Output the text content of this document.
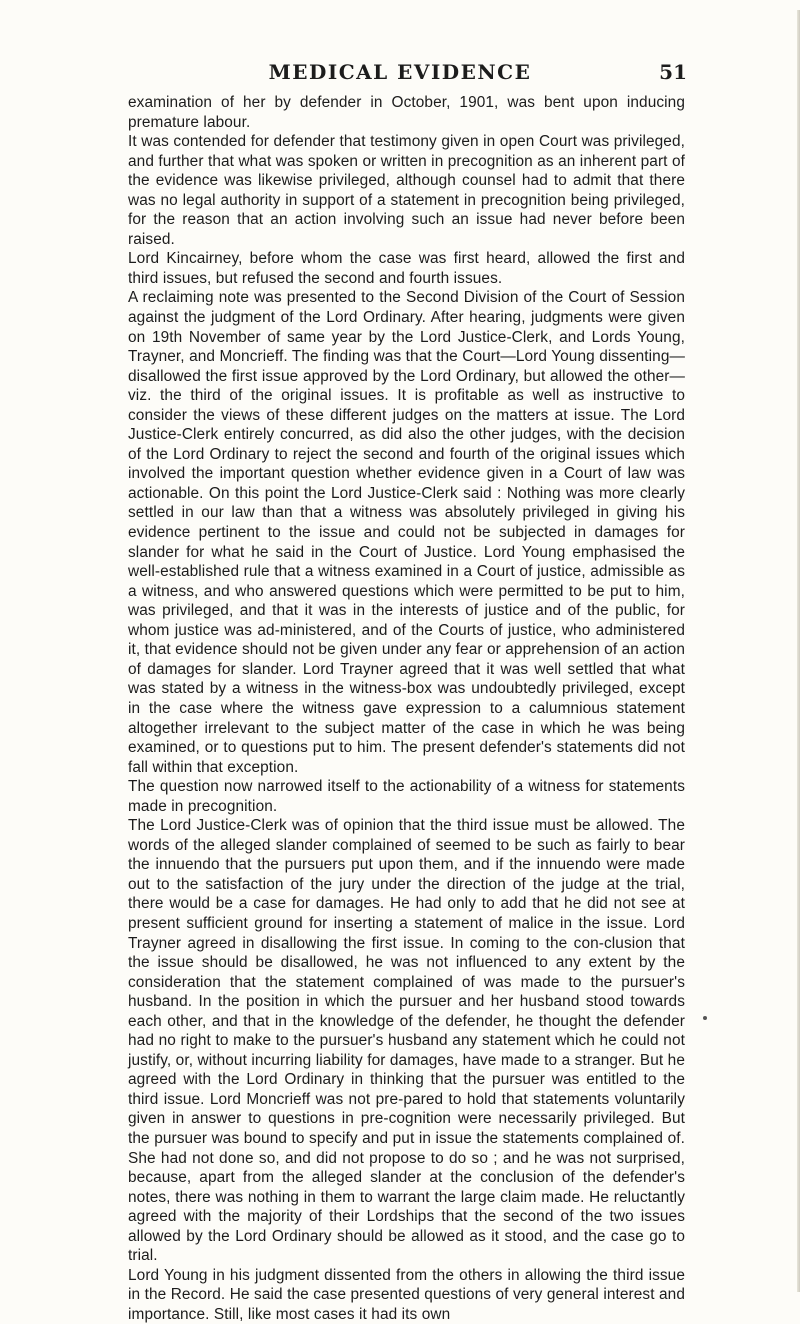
MEDICAL EVIDENCE	51

examination of her by defender in October, 1901, was bent upon inducing premature labour.

It was contended for defender that testimony given in open Court was privileged, and further that what was spoken or written in precognition as an inherent part of the evidence was likewise privileged, although counsel had to admit that there was no legal authority in support of a statement in precognition being privileged, for the reason that an action involving such an issue had never before been raised.

Lord Kincairney, before whom the case was first heard, allowed the first and third issues, but refused the second and fourth issues.

A reclaiming note was presented to the Second Division of the Court of Session against the judgment of the Lord Ordinary. After hearing, judgments were given on 19th November of same year by the Lord Justice-Clerk, and Lords Young, Trayner, and Moncrieff. The finding was that the Court—Lord Young dissenting—disallowed the first issue approved by the Lord Ordinary, but allowed the other—viz. the third of the original issues. It is profitable as well as instructive to consider the views of these different judges on the matters at issue. The Lord Justice-Clerk entirely concurred, as did also the other judges, with the decision of the Lord Ordinary to reject the second and fourth of the original issues which involved the important question whether evidence given in a Court of law was actionable. On this point the Lord Justice-Clerk said : Nothing was more clearly settled in our law than that a witness was absolutely privileged in giving his evidence pertinent to the issue and could not be subjected in damages for slander for what he said in the Court of Justice. Lord Young emphasised the well-established rule that a witness examined in a Court of justice, admissible as a witness, and who answered questions which were permitted to be put to him, was privileged, and that it was in the interests of justice and of the public, for whom justice was ad-ministered, and of the Courts of justice, who administered it, that evidence should not be given under any fear or apprehension of an action of damages for slander. Lord Trayner agreed that it was well settled that what was stated by a witness in the witness-box was undoubtedly privileged, except in the case where the witness gave expression to a calumnious statement altogether irrelevant to the subject matter of the case in which he was being examined, or to questions put to him. The present defender's statements did not fall within that exception.

The question now narrowed itself to the actionability of a witness for statements made in precognition.

The Lord Justice-Clerk was of opinion that the third issue must be allowed. The words of the alleged slander complained of seemed to be such as fairly to bear the innuendo that the pursuers put upon them, and if the innuendo were made out to the satisfaction of the jury under the direction of the judge at the trial, there would be a case for damages. He had only to add that he did not see at present sufficient ground for inserting a statement of malice in the issue. Lord Trayner agreed in disallowing the first issue. In coming to the con-clusion that the issue should be disallowed, he was not influenced to any extent by the consideration that the statement complained of was made to the pursuer's husband. In the position in which the pursuer and her husband stood towards each other, and that in the knowledge of the defender, he thought the defender had no right to make to the pursuer's husband any statement which he could not justify, or, without incurring liability for damages, have made to a stranger. But he agreed with the Lord Ordinary in thinking that the pursuer was entitled to the third issue. Lord Moncrieff was not pre-pared to hold that statements voluntarily given in answer to questions in pre-cognition were necessarily privileged. But the pursuer was bound to specify and put in issue the statements complained of. She had not done so, and did not propose to do so ; and he was not surprised, because, apart from the alleged slander at the conclusion of the defender's notes, there was nothing in them to warrant the large claim made. He reluctantly agreed with the majority of their Lordships that the second of the two issues allowed by the Lord Ordinary should be allowed as it stood, and the case go to trial.

Lord Young in his judgment dissented from the others in allowing the third issue in the Record. He said the case presented questions of very general interest and importance. Still, like most cases it had its own
